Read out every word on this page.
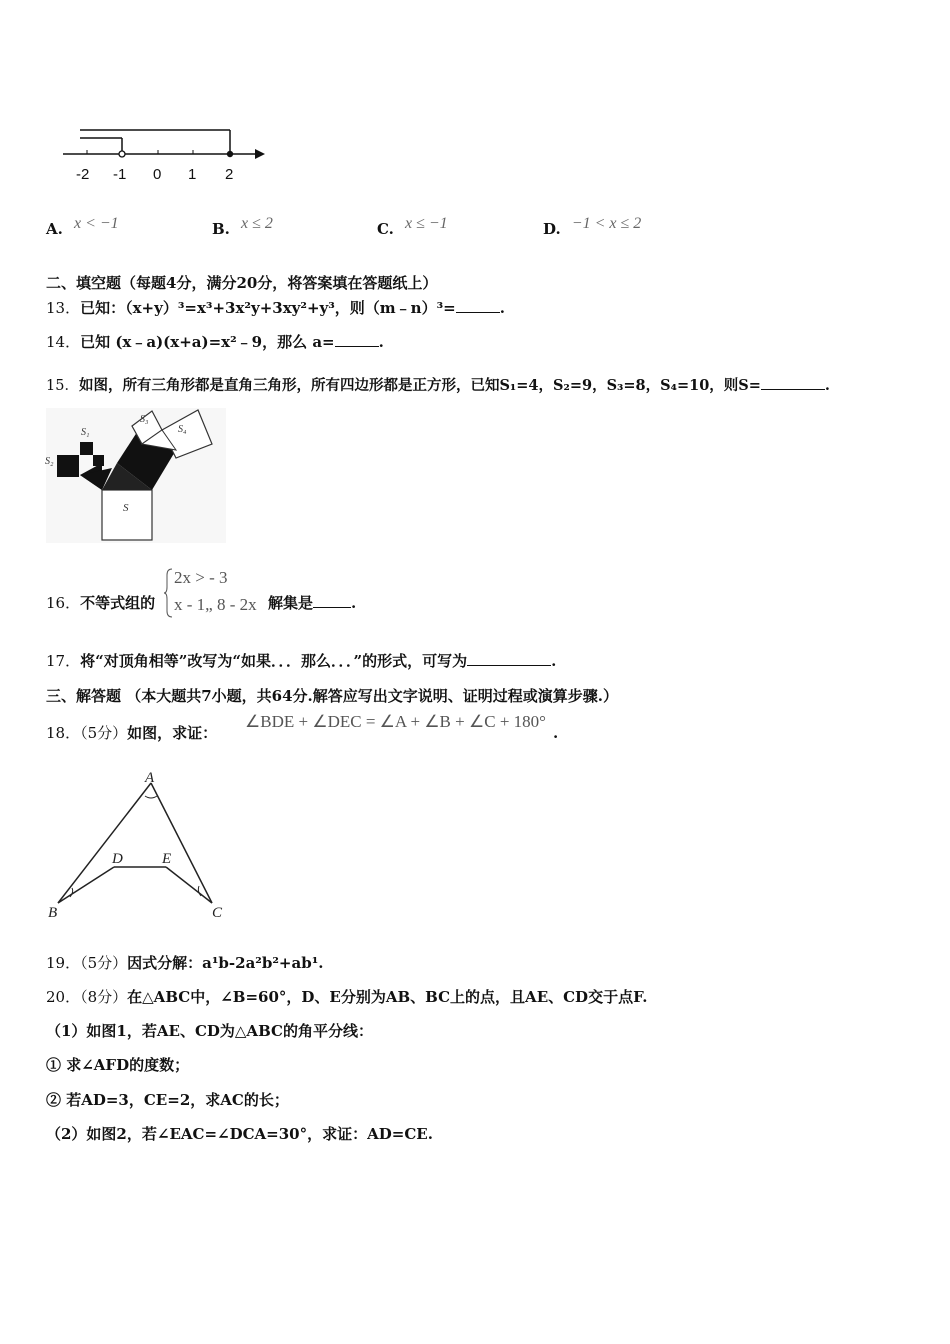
-2 -1 0 1 2
A. x < −1	B. x ≤ 2	C. x ≤ −1	D. −1 < x ≤ 2
二、填空题（每题4分，满分20分，将答案填在答题纸上）
13．已知：（x+y）³=x³+3x²y+3xy²+y³，则（m﹣n）³=	.
14．已知 (x﹣a)(x+a)=x²﹣9，那么 a=	.
15．如图，所有三角形都是直角三角形，所有四边形都是正方形，已知S₁=4，S₂=9，S₃=8，S₄=10，则S=	.
S₁
S₂
S₃
S₄
S
16．不等式组的
2x > - 3
x - 1„ 8 - 2x 解集是	.
17．将“对顶角相等”改写为“如果．．．那么．．．”的形式，可写为	.
三、解答题 （本大题共7小题，共64分.解答应写出文字说明、证明过程或演算步骤.）
18．（5分）如图，求证：
∠BDE + ∠DEC = ∠A + ∠B + ∠C + 180°
.
A
B	C
D	E
19．（5分）因式分解：a¹b-2a²b²+ab¹.
20．（8分）在△ABC中，∠B=60°，D、E分别为AB、BC上的点，且AE、CD交于点F.
（1）如图1，若AE、CD为△ABC的角平分线：
① 求∠AFD的度数；
② 若AD=3，CE=2，求AC的长；
（2）如图2，若∠EAC=∠DCA=30°，求证：AD=CE.
